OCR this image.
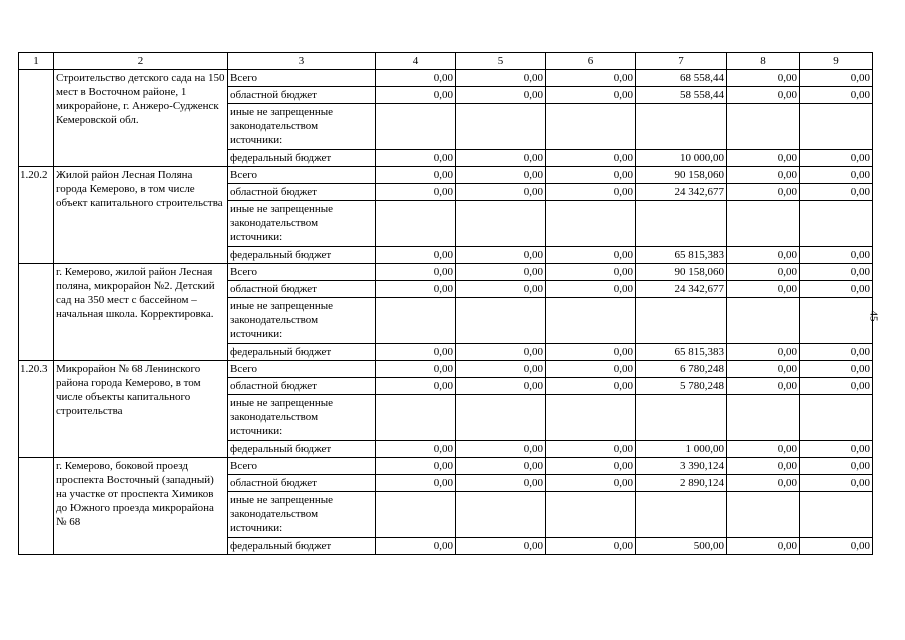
1	2	3	4	5	6	7	8	9
	Строительство детского сада на 150 мест в Восточном районе, 1 микрорайоне, г. Анжеро-Судженск Кемеровской обл.	Всего	0,00	0,00	0,00	68 558,44	0,00	0,00
		областной бюджет	0,00	0,00	0,00	58 558,44	0,00	0,00
		иные не запрещенные законодательством источники:						
		федеральный бюджет	0,00	0,00	0,00	10 000,00	0,00	0,00
1.20.2	Жилой район Лесная Поляна города Кемерово, в том числе объект капитального строительства	Всего	0,00	0,00	0,00	90 158,060	0,00	0,00
		областной бюджет	0,00	0,00	0,00	24 342,677	0,00	0,00
		иные не запрещенные законодательством источники:						
		федеральный бюджет	0,00	0,00	0,00	65 815,383	0,00	0,00
	г. Кемерово, жилой район Лесная поляна, микрорайон №2. Детский сад на 350 мест с бассейном – начальная школа. Корректировка.	Всего	0,00	0,00	0,00	90 158,060	0,00	0,00
		областной бюджет	0,00	0,00	0,00	24 342,677	0,00	0,00
		иные не запрещенные законодательством источники:						
		федеральный бюджет	0,00	0,00	0,00	65 815,383	0,00	0,00
1.20.3	Микрорайон № 68 Ленинского района города Кемерово, в том числе объекты капитального строительства	Всего	0,00	0,00	0,00	6 780,248	0,00	0,00
		областной бюджет	0,00	0,00	0,00	5 780,248	0,00	0,00
		иные не запрещенные законодательством источники:						
		федеральный бюджет	0,00	0,00	0,00	1 000,00	0,00	0,00
	г. Кемерово, боковой проезд проспекта Восточный (западный) на участке от проспекта Химиков до Южного проезда микрорайона № 68	Всего	0,00	0,00	0,00	3 390,124	0,00	0,00
		областной бюджет	0,00	0,00	0,00	2 890,124	0,00	0,00
		иные не запрещенные законодательством источники:						
		федеральный бюджет	0,00	0,00	0,00	500,00	0,00	0,00
45
